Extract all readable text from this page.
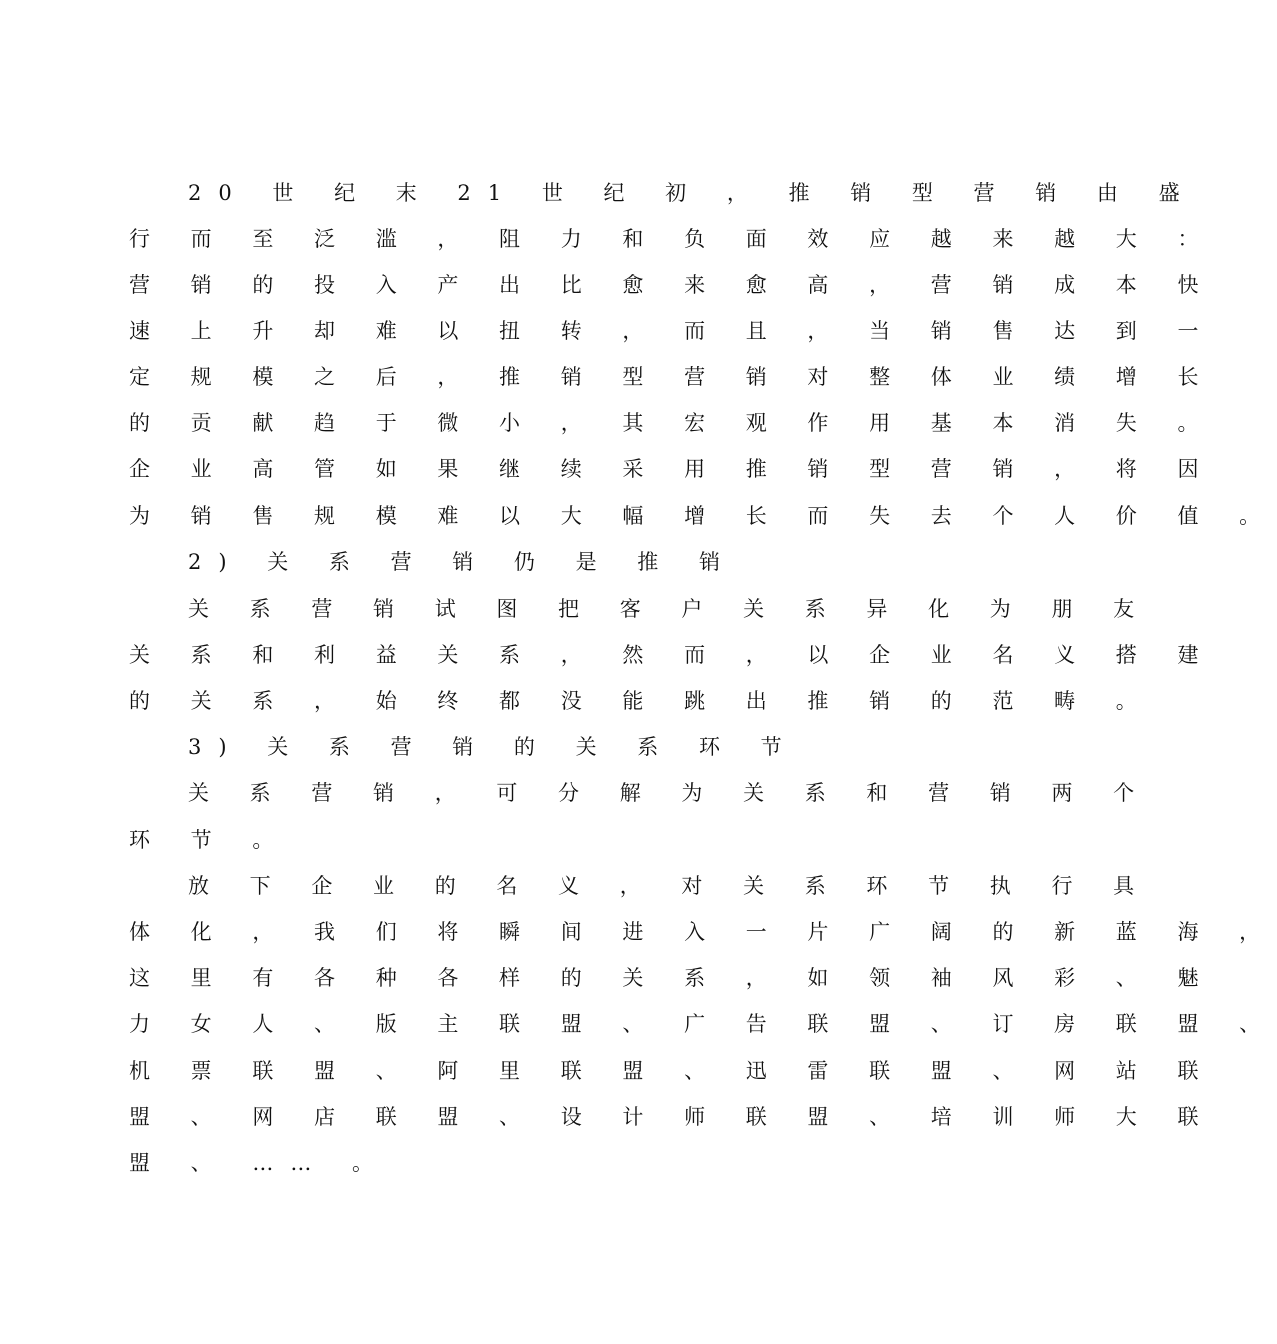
20 世 纪 末 21 世 纪 初 ， 推 销 型 营 销 由 盛
行 而 至 泛 滥 ， 阻 力 和 负 面 效 应 越 来 越 大 ：
营 销 的 投 入 产 出 比 愈 来 愈 高 ， 营 销 成 本 快
速 上 升 却 难 以 扭 转 ， 而 且 ， 当 销 售 达 到 一
定 规 模 之 后 ， 推 销 型 营 销 对 整 体 业 绩 增 长
的 贡 献 趋 于 微 小 ， 其 宏 观 作 用 基 本 消 失 。
企 业 高 管 如 果 继 续 采 用 推 销 型 营 销 ， 将 因
为 销 售 规 模 难 以 大 幅 增 长 而 失 去 个 人 价 值 。
2) 关 系 营 销 仍 是 推 销
关 系 营 销 试 图 把 客 户 关 系 异 化 为 朋 友
关 系 和 利 益 关 系 ， 然 而 ， 以 企 业 名 义 搭 建
的 关 系 ， 始 终 都 没 能 跳 出 推 销 的 范 畴 。
3) 关 系 营 销 的 关 系 环 节
关 系 营 销 ， 可 分 解 为 关 系 和 营 销 两 个
环 节 。
放 下 企 业 的 名 义 ， 对 关 系 环 节 执 行 具
体 化 ， 我 们 将 瞬 间 进 入 一 片 广 阔 的 新 蓝 海 ，
这 里 有 各 种 各 样 的 关 系 ， 如 领 袖 风 彩 、 魅
力 女 人 、 版 主 联 盟 、 广 告 联 盟 、 订 房 联 盟 、
机 票 联 盟 、 阿 里 联 盟 、 迅 雷 联 盟 、 网 站 联
盟 、 网 店 联 盟 、 设 计 师 联 盟 、 培 训 师 大 联
盟 、 …… 。
